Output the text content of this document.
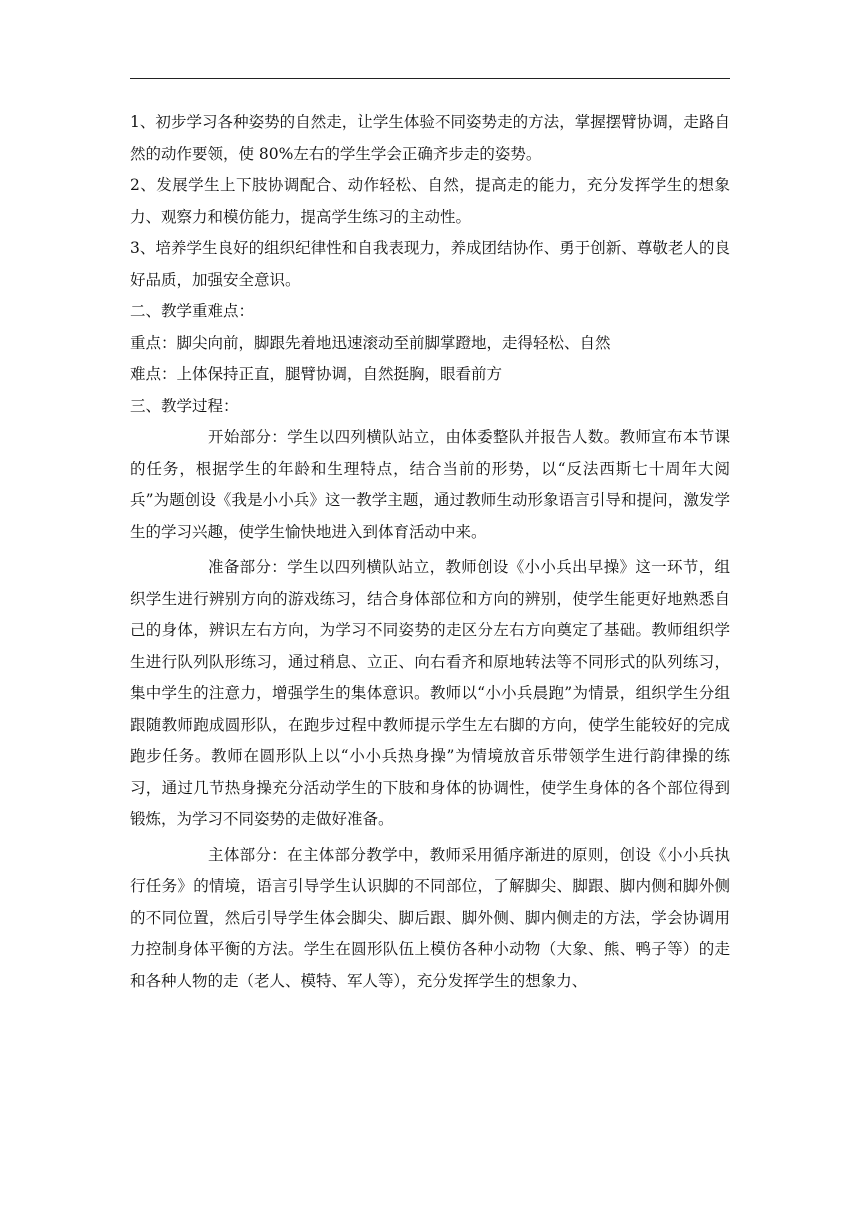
1、初步学习各种姿势的自然走，让学生体验不同姿势走的方法，掌握摆臂协调，走路自然的动作要领，使 80%左右的学生学会正确齐步走的姿势。

2、发展学生上下肢协调配合、动作轻松、自然，提高走的能力，充分发挥学生的想象力、观察力和模仿能力，提高学生练习的主动性。

3、培养学生良好的组织纪律性和自我表现力，养成团结协作、勇于创新、尊敬老人的良好品质，加强安全意识。

二、教学重难点：

重点：脚尖向前，脚跟先着地迅速滚动至前脚掌蹬地，走得轻松、自然

难点：上体保持正直，腿臂协调，自然挺胸，眼看前方

三、教学过程：

开始部分：学生以四列横队站立，由体委整队并报告人数。教师宣布本节课的任务，根据学生的年龄和生理特点，结合当前的形势，以“反法西斯七十周年大阅兵”为题创设《我是小小兵》这一教学主题，通过教师生动形象语言引导和提问，激发学生的学习兴趣，使学生愉快地进入到体育活动中来。

准备部分：学生以四列横队站立，教师创设《小小兵出早操》这一环节，组织学生进行辨别方向的游戏练习，结合身体部位和方向的辨别，使学生能更好地熟悉自己的身体，辨识左右方向，为学习不同姿势的走区分左右方向奠定了基础。教师组织学生进行队列队形练习，通过稍息、立正、向右看齐和原地转法等不同形式的队列练习，集中学生的注意力，增强学生的集体意识。教师以“小小兵晨跑”为情景，组织学生分组跟随教师跑成圆形队，在跑步过程中教师提示学生左右脚的方向，使学生能较好的完成跑步任务。教师在圆形队上以“小小兵热身操”为情境放音乐带领学生进行韵律操的练习，通过几节热身操充分活动学生的下肢和身体的协调性，使学生身体的各个部位得到锻炼，为学习不同姿势的走做好准备。

主体部分：在主体部分教学中，教师采用循序渐进的原则，创设《小小兵执行任务》的情境，语言引导学生认识脚的不同部位，了解脚尖、脚跟、脚内侧和脚外侧的不同位置，然后引导学生体会脚尖、脚后跟、脚外侧、脚内侧走的方法，学会协调用力控制身体平衡的方法。学生在圆形队伍上模仿各种小动物（大象、熊、鸭子等）的走和各种人物的走（老人、模特、军人等），充分发挥学生的想象力、
